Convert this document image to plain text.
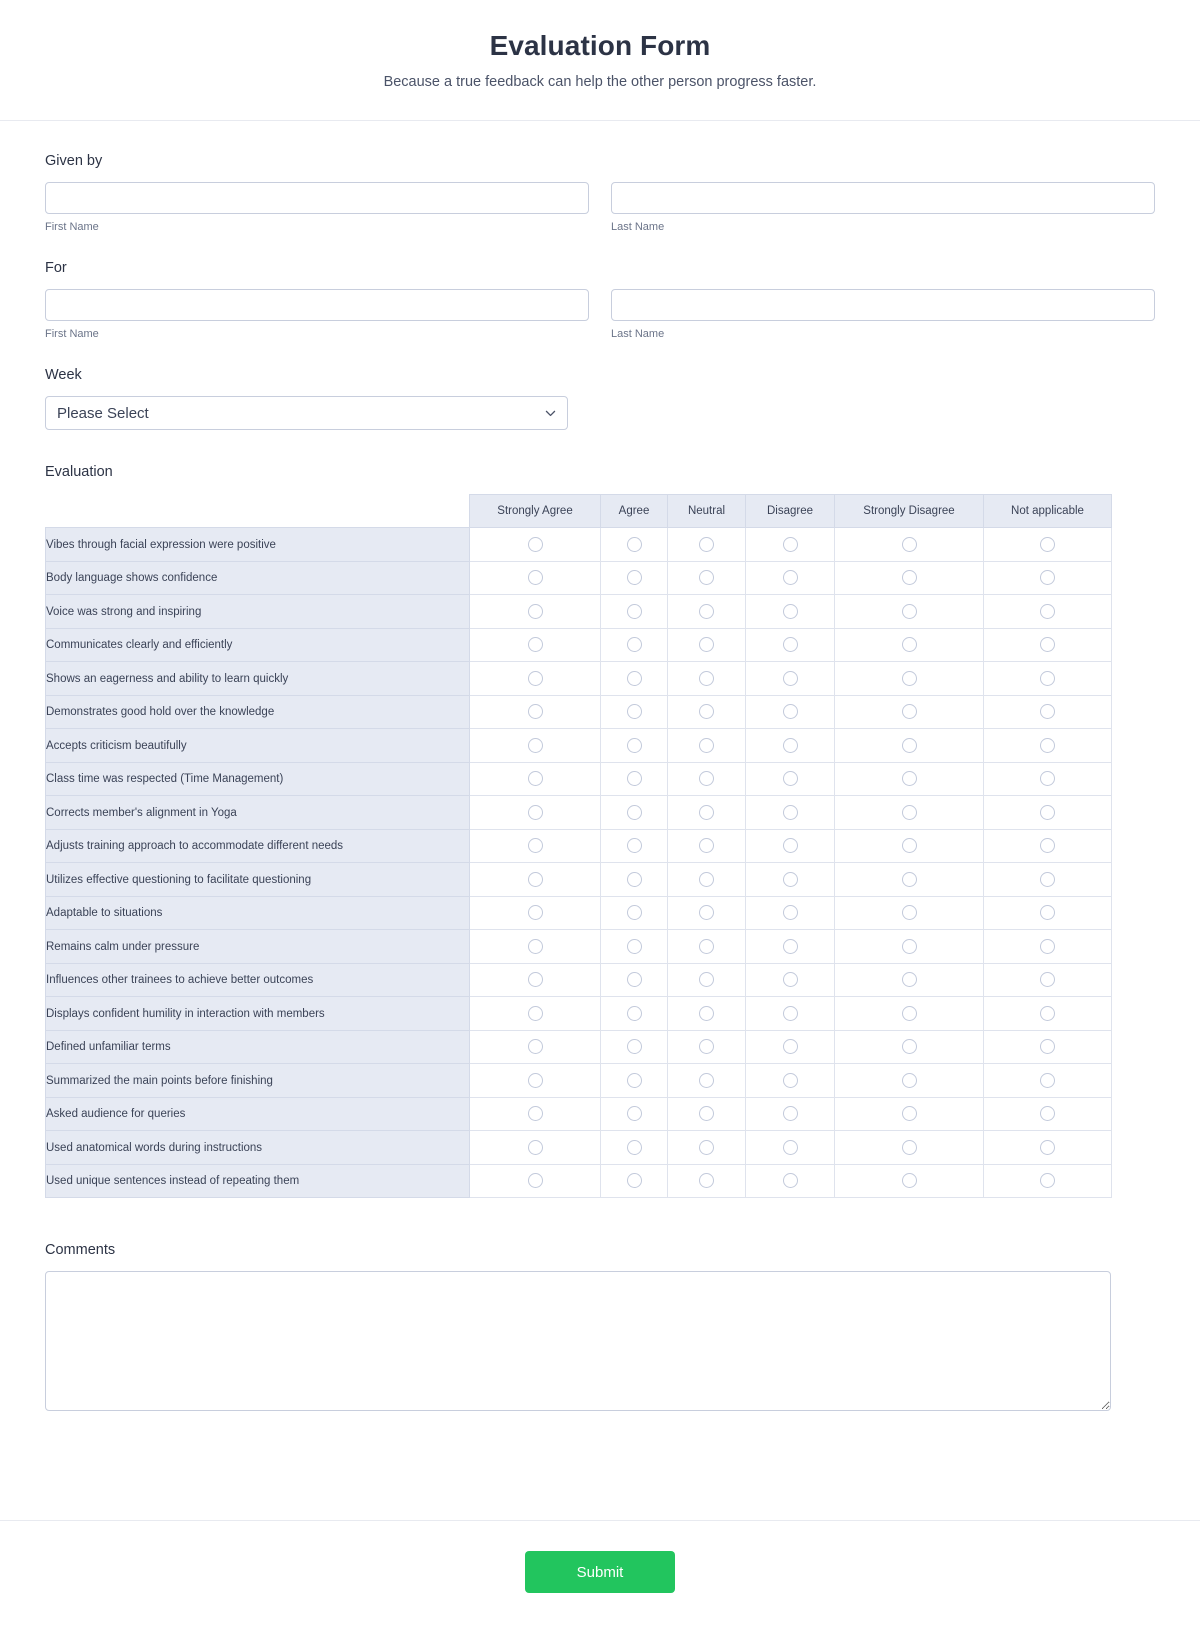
Evaluation Form

Because a true feedback can help the other person progress faster.

Given by
First Name	Last Name
For
First Name	Last Name
Week
Please Select
Evaluation
	Strongly Agree	Agree	Neutral	Disagree	Strongly Disagree	Not applicable
Vibes through facial expression were positive						
Body language shows confidence						
Voice was strong and inspiring						
Communicates clearly and efficiently						
Shows an eagerness and ability to learn quickly						
Demonstrates good hold over the knowledge						
Accepts criticism beautifully						
Class time was respected (Time Management)						
Corrects member's alignment in Yoga						
Adjusts training approach to accommodate different needs						
Utilizes effective questioning to facilitate questioning						
Adaptable to situations						
Remains calm under pressure						
Influences other trainees to achieve better outcomes						
Displays confident humility in interaction with members						
Defined unfamiliar terms						
Summarized the main points before finishing						
Asked audience for queries						
Used anatomical words during instructions						
Used unique sentences instead of repeating them						
Comments
Submit
